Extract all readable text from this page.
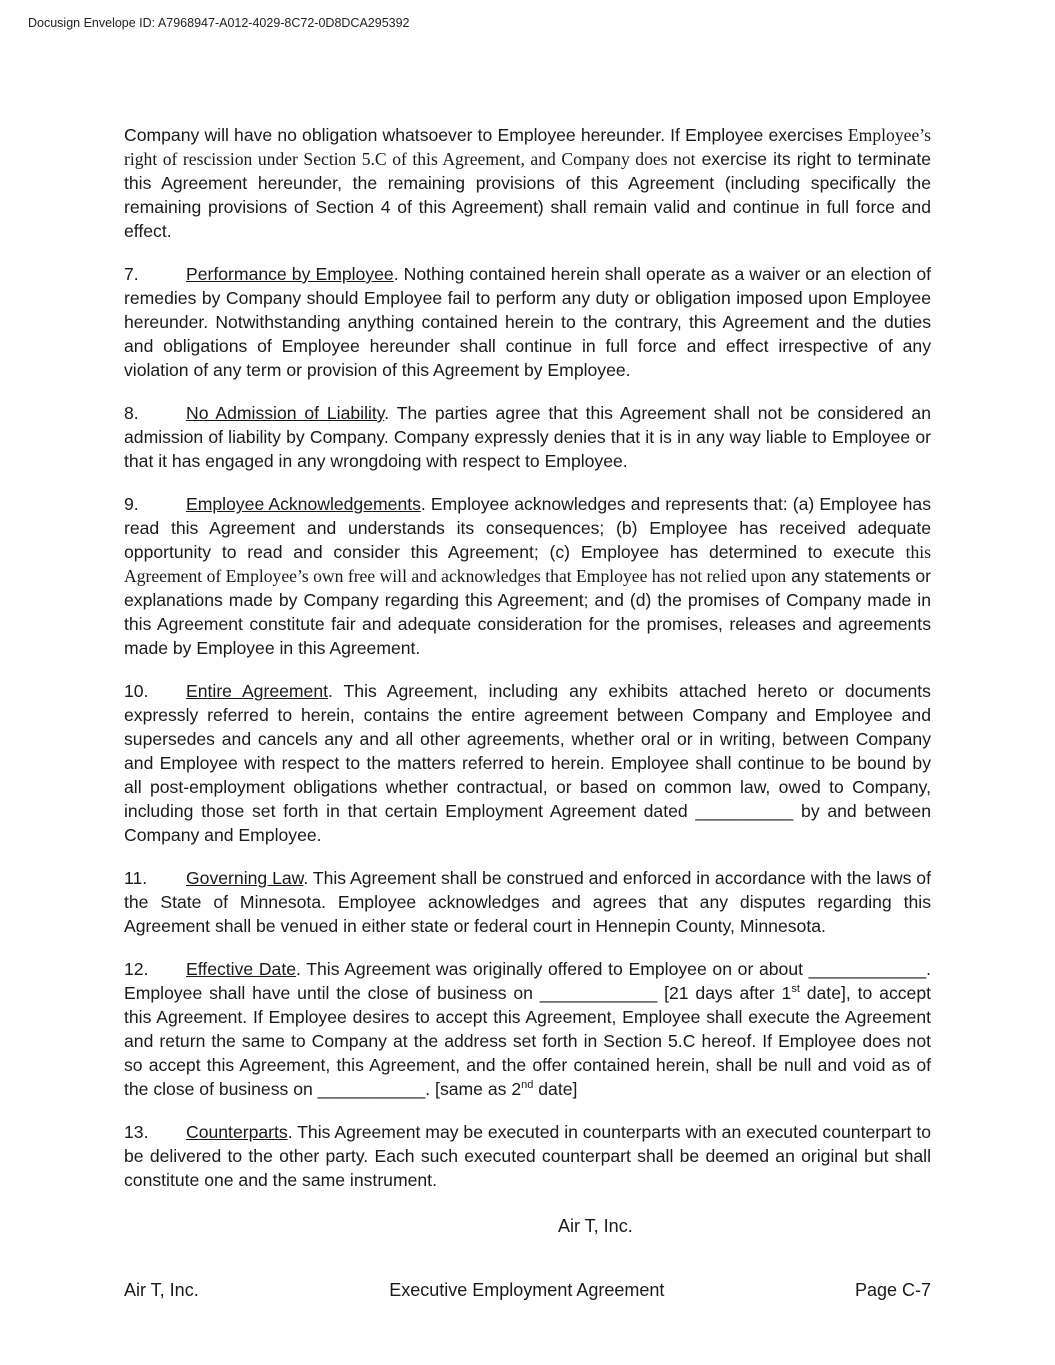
Docusign Envelope ID: A7968947-A012-4029-8C72-0D8DCA295392

Company will have no obligation whatsoever to Employee hereunder. If Employee exercises Employee’s right of rescission under Section 5.C of this Agreement, and Company does not exercise its right to terminate this Agreement hereunder, the remaining provisions of this Agreement (including specifically the remaining provisions of Section 4 of this Agreement) shall remain valid and continue in full force and effect.

7.	Performance by Employee. Nothing contained herein shall operate as a waiver or an election of remedies by Company should Employee fail to perform any duty or obligation imposed upon Employee hereunder. Notwithstanding anything contained herein to the contrary, this Agreement and the duties and obligations of Employee hereunder shall continue in full force and effect irrespective of any violation of any term or provision of this Agreement by Employee.

8.	No Admission of Liability. The parties agree that this Agreement shall not be considered an admission of liability by Company. Company expressly denies that it is in any way liable to Employee or that it has engaged in any wrongdoing with respect to Employee.

9.	Employee Acknowledgements. Employee acknowledges and represents that: (a) Employee has read this Agreement and understands its consequences; (b) Employee has received adequate opportunity to read and consider this Agreement; (c) Employee has determined to execute this Agreement of Employee’s own free will and acknowledges that Employee has not relied upon any statements or explanations made by Company regarding this Agreement; and (d) the promises of Company made in this Agreement constitute fair and adequate consideration for the promises, releases and agreements made by Employee in this Agreement.

10. Entire Agreement. This Agreement, including any exhibits attached hereto or documents expressly referred to herein, contains the entire agreement between Company and Employee and supersedes and cancels any and all other agreements, whether oral or in writing, between Company and Employee with respect to the matters referred to herein. Employee shall continue to be bound by all post-employment obligations whether contractual, or based on common law, owed to Company, including those set forth in that certain Employment Agreement dated __________ by and between Company and Employee.

11. Governing Law. This Agreement shall be construed and enforced in accordance with the laws of the State of Minnesota. Employee acknowledges and agrees that any disputes regarding this Agreement shall be venued in either state or federal court in Hennepin County, Minnesota.

12. Effective Date. This Agreement was originally offered to Employee on or about ____________. Employee shall have until the close of business on ____________ [21 days after 1st date], to accept this Agreement. If Employee desires to accept this Agreement, Employee shall execute the Agreement and return the same to Company at the address set forth in Section 5.C hereof. If Employee does not so accept this Agreement, this Agreement, and the offer contained herein, shall be null and void as of the close of business on ___________. [same as 2nd date]

13. Counterparts. This Agreement may be executed in counterparts with an executed counterpart to be delivered to the other party. Each such executed counterpart shall be deemed an original but shall constitute one and the same instrument.

Air T, Inc.
Air T, Inc.	Executive Employment Agreement	Page C-7
